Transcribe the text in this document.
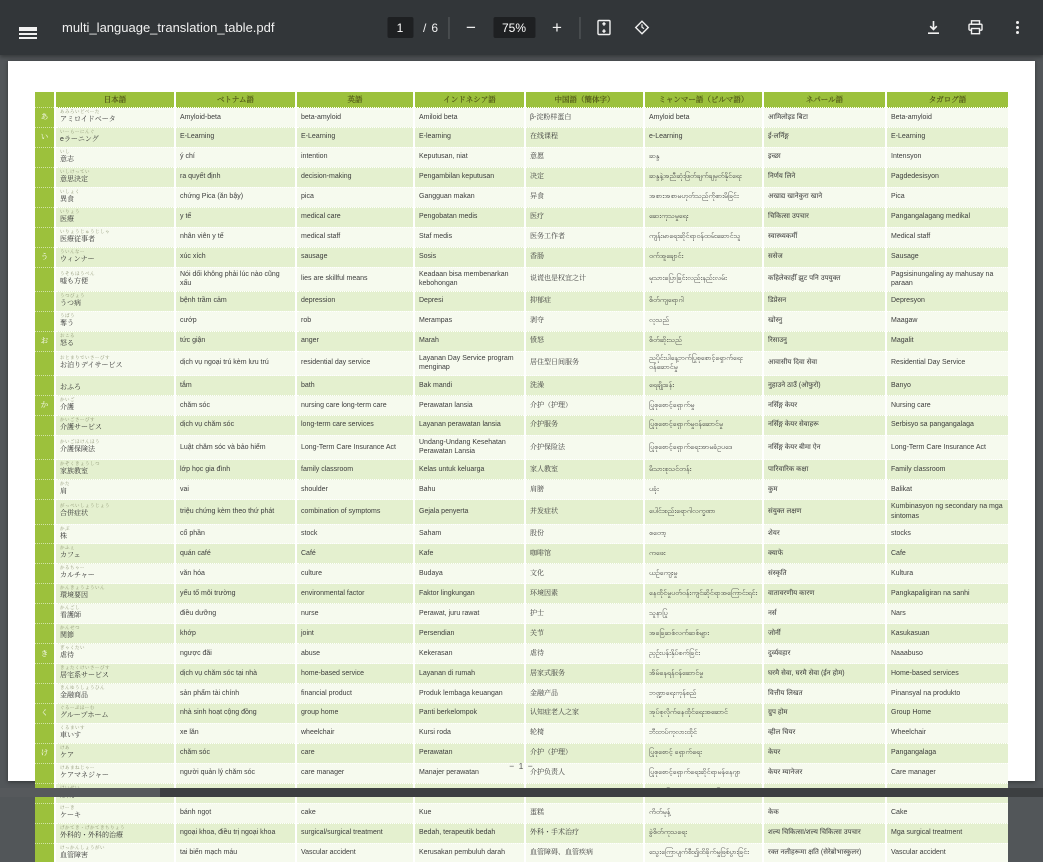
multi_language_translation_table.pdf
1	/ 6	−	75%	+
	日本語	ベトナム語	英語	インドネシア語	中国語（簡体字）	ミャンマー語（ビルマ語）	ネパール語	タガログ語
あ	あみろいどべーた
アミロイドベータ	Amyloid-beta	beta-amyloid	Amiloid beta	β-淀粉样蛋白	Amyloid beta	आमिलोइड बिटा	Beta-amyloid
い	いーらーにんぐ
eラーニング	E-Learning	E-Learning	E-learning	在线课程	e-Learning	ई-लर्निङ्ग	E-Learning

	いし
意志	ý chí	intention	Keputusan, niat	意愿	ဆန္ဒ	इच्छा	Intensyon

	いしけってい
意思決定	ra quyết định	decision-making	Pengambilan keputusan	决定	ဆန္ဒနဲ့အညီဆုံးဖြတ်ချက်ချမှတ်နိုင်ရေး	निर्णय लिने	Pagdedesisyon

	いしょく
異食	chứng Pica (ăn bậy)	pica	Gangguan makan	异食	အစားအစာမဟုတ်သည်ကိုစားမိခြင်း	अखाद्य खानेकुरा खाने	Pica

	いりょう
医療	y tế	medical care	Pengobatan medis	医疗	ဆေးကုသမှုရေး	चिकित्सा उपचार	Pangangalagang medikal

	いりょうじゅうじしゃ
医療従事者	nhân viên y tế	medical staff	Staf medis	医务工作者	ကျန်းမာရေးဆိုင်ရာဝန်ထမ်းဆောင်သူ	स्वास्थ्यकर्मी	Medical staff
う	ういんなー
ウィンナー	xúc xích	sausage	Sosis	香肠	ဝက်အူချောင်း	ससेज	Sausage

	うそもほうべん
嘘も方便	Nói dối không phải lúc nào cũng xấu	lies are skillful means	Keadaan bisa membenarkan kebohongan	说谎也是权宜之计	မုသားပြောခြင်းလည်းနည်းလမ်း	कहिलेकाहीँ झुट पनि उपयुक्त	Pagsisinungaling ay mahusay na paraan

	うつびょう
うつ病	bệnh trầm cảm	depression	Depresi	抑郁症	စိတ်ကျရောဂါ	डिप्रेसन	Depresyon

	うばう
奪う	cướp	rob	Merampas	剥夺	လုသည်	खोस्नु	Maagaw
お	おこる
怒る	tức giận	anger	Marah	愤怒	စိတ်ဆိုးသည်	रिसाउनु	Magalit

	おとまりでいさーびす
お泊りデイサービス	dịch vụ ngoại trú kèm lưu trú	residential day service	Layanan Day Service program menginap	居住型日间服务	ညပိုင်းပါနေ့ဘက်ပြုစုစောင့်ရှောက်ရေးဝန်ဆောင်မှု	आवासीय दिवा सेवा	Residential Day Service

	おふろ	tắm	bath	Bak mandi	洗澡	ရေချိုးခန်း	नुहाउने ठाउँ (ओफुरो)	Banyo
か	かいご
介護	chăm sóc	nursing care long-term care	Perawatan lansia	介护（护理）	ပြုစုစောင့်ရှောက်မှု	नर्सिङ्ग केयर	Nursing care

	かいごさーびす
介護サービス	dịch vụ chăm sóc	long-term care services	Layanan perawatan lansia	介护服务	ပြုစုစောင့်ရှောက်မှုဝန်ဆောင်မှု	नर्सिङ्ग केयर सेवाहरू	Serbisyo sa pangangalaga

	かいごほけんほう
介護保険法	Luật chăm sóc và bảo hiểm	Long-Term Care Insurance Act	Undang-Undang Kesehatan Perawatan Lansia	介护保险法	ပြုစုစောင့်ရှောက်ရေးအာမခံဥပဒေ	नर्सिङ्ग केयर बीमा ऐन	Long-Term Care Insurance Act

	かぞくきょうしつ
家族教室	lớp học gia đình	family classroom	Kelas untuk keluarga	家人教室	မိသားစုသင်တန်း	पारिवारिक कक्षा	Family classroom

	かた
肩	vai	shoulder	Bahu	肩膀	ပခုံး	कुम	Balikat

	がっぺいしょうじょう
合併症状	triệu chứng kèm theo thứ phát	combination of symptoms	Gejala penyerta	并发症状	ပေါင်းစည်းရောဂါလက္ခဏာ	संयुक्त लक्षण	Kumbinasyon ng secondary na mga sintomas

	かぶ
株	cổ phần	stock	Saham	股份	စတော့	शेयर	stocks

	かふぇ
カフェ	quán café	Café	Kafe	咖啡馆	ကဖေး	क्याफे	Cafe

	かるちゃー
カルチャー	văn hóa	culture	Budaya	文化	ယဉ်ကျေးမှု	संस्कृति	Kultura

	かんきょうよういん
環境要因	yếu tố môi trường	environmental factor	Faktor lingkungan	环境因素	နေထိုင်မှုပတ်ဝန်းကျင်ဆိုင်ရာအကြောင်းရင်း	वातावरणीय कारण	Pangkapaligiran na sanhi

	かんごし
看護師	điều dưỡng	nurse	Perawat, juru rawat	护士	သူနာပြု	नर्स	Nars

	かんせつ
関節	khớp	joint	Persendian	关节	အခြေဆစ်လက်ဆစ်များ	जोर्नी	Kasukasuan
き	ぎゃくたい
虐待	ngược đãi	abuse	Kekerasan	虐待	ညှဉ်းပန်းနှိပ်စက်ခြင်း	दुर्व्यवहार	Naaabuso

	きょたくけいさーびす
居宅系サービス	dịch vụ chăm sóc tại nhà	home-based service	Layanan di rumah	居家式服务	အိမ်နေရန်ဝန်ဆောင်မှု	घरमै सेवा, घरमै सेवा (ईन होम)	Home-based services

	きんゆうしょうひん
金融商品	sản phẩm tài chính	financial product	Produk lembaga keuangan	金融产品	ဘဏ္ဍာရေးကုန်စည်	वित्तीय लिखत	Pinansyal na produkto
く	ぐるーぷほーむ
グループホーム	nhà sinh hoạt cộng đồng	group home	Panti berkelompok	认知症老人之家	အုပ်စုလိုက်နေထိုင်ရေးအဆောင်	ग्रुप होम	Group Home

	くるまいす
車いす	xe lăn	wheelchair	Kursi roda	轮椅	ဘီးတပ်ကုလားထိုင်	व्हील चियर	Wheelchair
け	けあ
ケア	chăm sóc	care	Perawatan	介护（护理）	ပြုစုစောင့် ရှောက်ရေး	केयर	Pangangalaga

	けあまねじゃー
ケアマネジャー	người quản lý chăm sóc	care manager	Manajer perawatan	介护负责人	ပြုစုစောင့်ရှောက်ရေးဆိုင်ရာမန်နေဂျာ	केयर म्यानेजर	Care manager

	けーき
ケーキ	bánh ngọt	cake	Kue	蛋糕	ကိတ်မုန့်	केक	Cake

	げかてき・げかてきちりょう
外科的・外科的治療	ngoại khoa, điều trị ngoại khoa	surgical/surgical treatment	Bedah, terapeutik bedah	外科・手术治疗	ခွဲစိတ်ကုသရေး	शल्य चिकित्सा/शल्य चिकित्सा उपचार	Mga surgical treatment

	けっかんしょうがい
血管障害	tai biến mạch máu	Vascular accident	Kerusakan pembuluh darah	血管障碍、血管疾病	သွေးကြောပျက်စီး၍ထိခိုက်မှုဖြစ်ပွားခြင်း	रक्त नलीहरूमा क्षति (सेरेब्रोभास्कुलर)	Vascular accident
− 1 −
